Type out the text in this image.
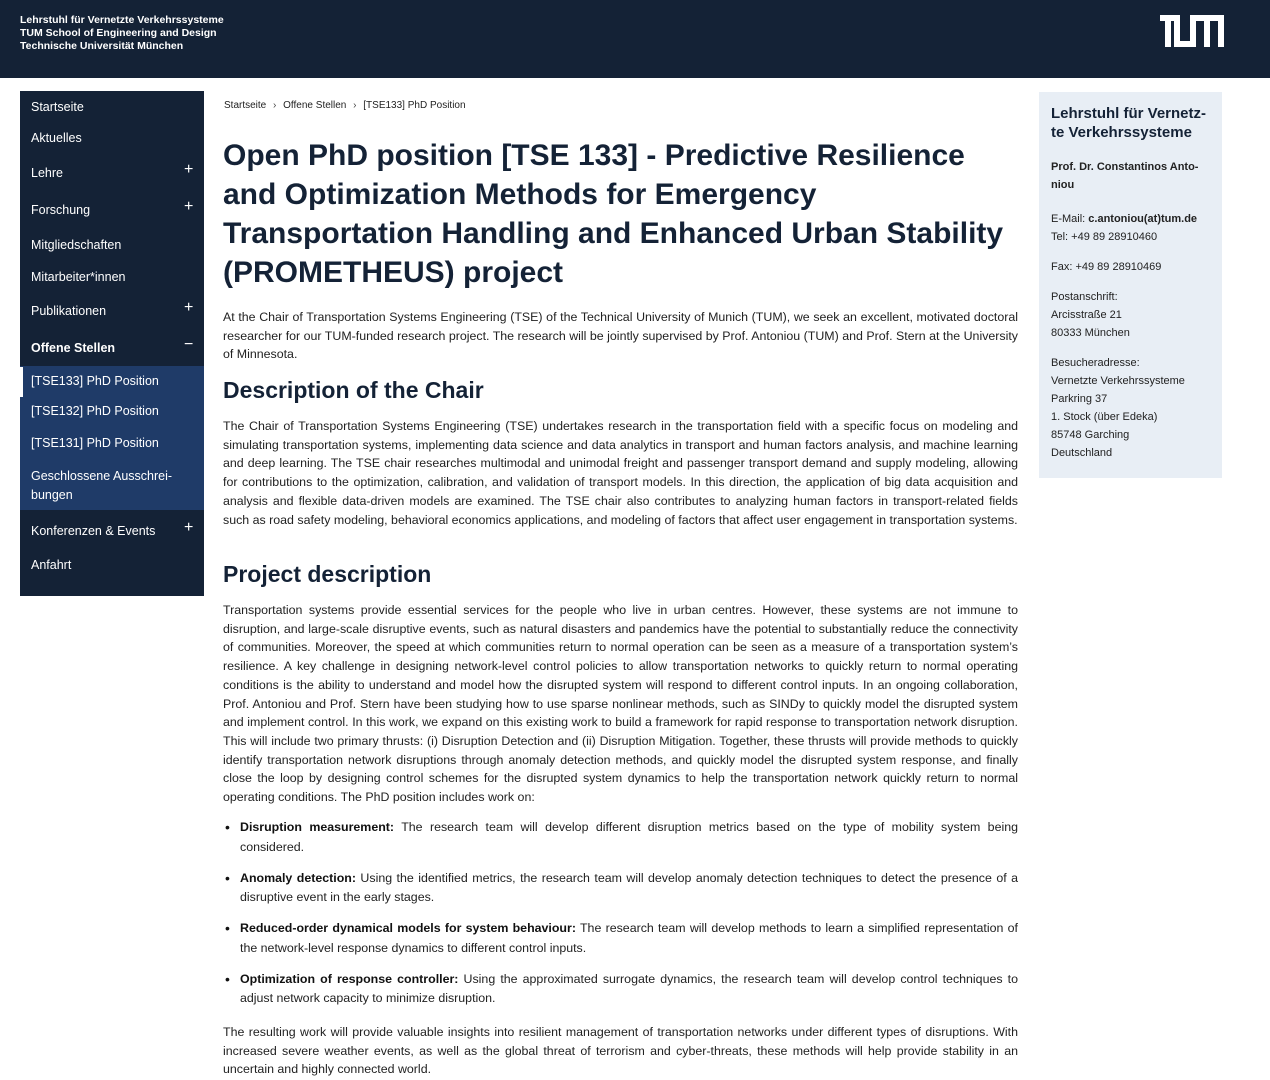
Lehrstuhl für Vernetzte Verkehrssysteme
TUM School of Engineering and Design
Technische Universität München
Startseite
Aktuelles
Lehre	+
Forschung	+
Mitgliedschaften
Mitarbeiter*innen
Publikationen	+
Offene Stellen	−
[TSE133] PhD Position
[TSE132] PhD Position
[TSE131] PhD Position
Geschlossene Ausschrei-bungen
Konferenzen & Events +
Anfahrt
Startseite › Offene Stellen › [TSE133] PhD Position
Open PhD position [TSE 133] - Predictive Resilience and Optimization Methods for Emergency Transportation Handling and Enhanced Urban Stability (PROMETHEUS) project

At the Chair of Transportation Systems Engineering (TSE) of the Technical University of Munich (TUM), we seek an excellent, motivated doctoral researcher for our TUM-funded research project. The research will be jointly supervised by Prof. Antoniou (TUM) and Prof. Stern at the University of Minnesota.

Description of the Chair

The Chair of Transportation Systems Engineering (TSE) undertakes research in the transportation field with a specific focus on modeling and simulating transportation systems, implementing data science and data analytics in transport and human factors analysis, and machine learning and deep learning. The TSE chair researches multimodal and unimodal freight and passenger transport demand and supply modeling, allowing for contributions to the optimization, calibration, and validation of transport models. In this direction, the application of big data acquisition and analysis and flexible data-driven models are examined. The TSE chair also contributes to analyzing human factors in transport-related fields such as road safety modeling, behavioral economics applications, and modeling of factors that affect user engagement in transportation systems.

Project description

Transportation systems provide essential services for the people who live in urban centres. However, these systems are not immune to disruption, and large-scale disruptive events, such as natural disasters and pandemics have the potential to substantially reduce the connectivity of communities. Moreover, the speed at which communities return to normal operation can be seen as a measure of a transportation system’s resilience. A key challenge in designing network-level control policies to allow transportation networks to quickly return to normal operating conditions is the ability to understand and model how the disrupted system will respond to different control inputs. In an ongoing collaboration, Prof. Antoniou and Prof. Stern have been studying how to use sparse nonlinear methods, such as SINDy to quickly model the disrupted system and implement control. In this work, we expand on this existing work to build a framework for rapid response to transportation network disruption. This will include two primary thrusts: (i) Disruption Detection and (ii) Disruption Mitigation. Together, these thrusts will provide methods to quickly identify transportation network disruptions through anomaly detection methods, and quickly model the disrupted system response, and finally close the loop by designing control schemes for the disrupted system dynamics to help the transportation network quickly return to normal operating conditions. The PhD position includes work on:

• Disruption measurement: The research team will develop different disruption metrics based on the type of mobility system being considered.
• Anomaly detection: Using the identified metrics, the research team will develop anomaly detection techniques to detect the presence of a disruptive event in the early stages.
• Reduced-order dynamical models for system behaviour: The research team will develop methods to learn a simplified representation of the network-level response dynamics to different control inputs.
• Optimization of response controller: Using the approximated surrogate dynamics, the research team will develop control techniques to adjust network capacity to minimize disruption.

The resulting work will provide valuable insights into resilient management of transportation networks under different types of disruptions. With increased severe weather events, as well as the global threat of terrorism and cyber-threats, these methods will help provide stability in an uncertain and highly connected world.

Lehrstuhl für Vernetz-te Verkehrssysteme
Prof. Dr. Constantinos Anto-niou
E-Mail: c.antoniou(at)tum.de
Tel: +49 89 28910460
Fax: +49 89 28910469
Postanschrift:
Arcisstraße 21
80333 München
Besucheradresse:
Vernetzte Verkehrssysteme
Parkring 37
1. Stock (über Edeka)
85748 Garching
Deutschland
